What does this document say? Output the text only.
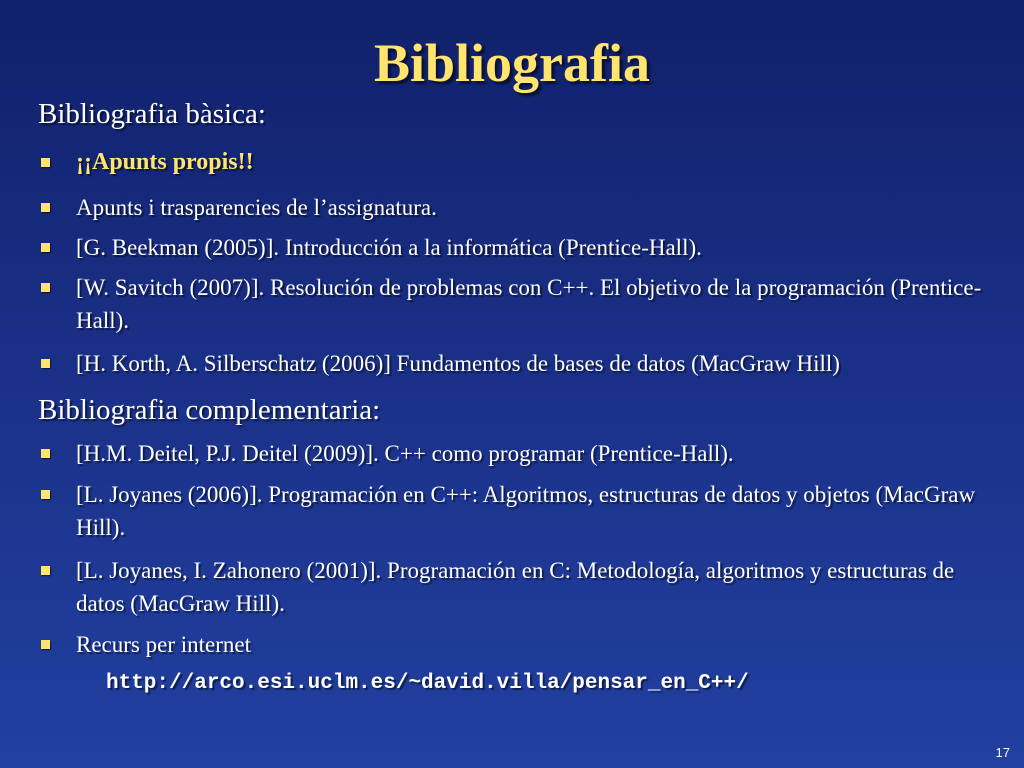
Bibliografia
Bibliografia bàsica:
¡¡Apunts propis!!
Apunts i trasparencies de l’assignatura.
[G. Beekman (2005)]. Introducción a la informática (Prentice-Hall).
[W. Savitch (2007)]. Resolución de problemas con C++. El objetivo de la programación (Prentice-Hall).
[H. Korth, A. Silberschatz (2006)] Fundamentos de bases de datos (MacGraw Hill)
Bibliografia complementaria:
[H.M. Deitel, P.J. Deitel (2009)]. C++ como programar (Prentice-Hall).
[L. Joyanes (2006)]. Programación en C++: Algoritmos, estructuras de datos y objetos (MacGraw Hill).
[L. Joyanes, I. Zahonero (2001)]. Programación en C: Metodología, algoritmos y estructuras de datos (MacGraw Hill).
Recurs per internet
http://arco.esi.uclm.es/~david.villa/pensar_en_C++/
17
